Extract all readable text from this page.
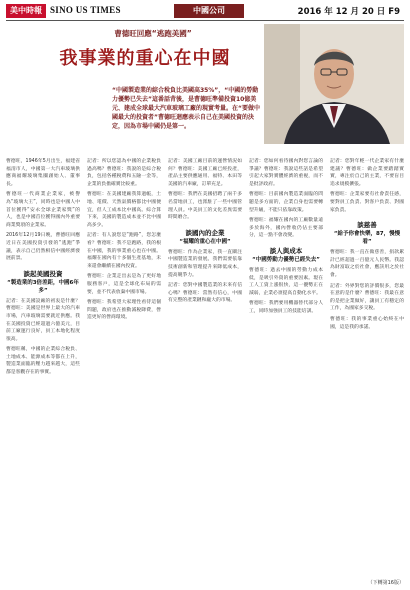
美中時報 SINO US TIMES	中國公司	2016 年 12 月 20 日 F9
曹德旺回應“逃跑美國”
我事業的重心在中國
“中國製造業的綜合稅負比美國高35%”，“中國的勞動力優勢已失去”這番話背後，是曹德旺準備投資10億美元、建成全球最大汽車玻璃工廠的現實考量。在“要做中國最大的投資者”曹德旺迴應表示自己在美國投資的決定，因為市場中國仍是第一。

曹德旺，1946年5月出生，福建省福清市人，中國第一大汽車玻璃供應商福耀玻璃集團創始人、董事長。

曹德旺一代商業企業家，被譽為“玻璃大王”，同時也是中國人中首位獲得“安永全球企業家獎”的人，也是中國首位獲得國內外重要商業獎項的企業家。

2016年12月19日晚，曹德旺回應近日在美國投資引發的“逃跑”爭議，表示自己仍然相信中國經濟發展前景。

談起美國投資
“製造業的3倍差距，中國6年多”

記者：在美國設廠的初衷是什麼？曹德旺：美國是世界上最大的汽車市場，汽車玻璃需要就近供應。我在美國投資已經超過六億美元，目前工廠運行良好，員工本地化程度很高。

曹德旺稱，中國的企業綜合稅負、土地成本、能源成本等都在上升，製造業面臨的壓力越來越大，這些都是客觀存在的事實。

記者：所以您認為中國的企業稅負過高嗎？曹德旺：我說的是綜合稅負，包括各種稅費和五險一金等，企業的負擔確實比較重。

曹德旺：在美國建廠我算過帳，土地、電價、天然氣價格都比中國便宜，但人工成本比中國高。綜合算下來，美國的製造成本並不比中國高多少。

記者：有人說您是“跑路”，您怎麼看？曹德旺：我不是跑路，我的根在中國，我的事業重心也在中國。福耀在國內有十多個生產基地，未來還會繼續在國內投資。

曹德旺：企業走出去是為了更好地服務客戶，這是全球化布局的需要，並不代表放棄中國市場。

曹德旺：我希望大家理性看待這個問題，政府也在推動減稅降費，營造更好的營商環境。

記者：美國工廠目前的運營情況如何？曹德旺：美國工廠已經投產，產品主要供應通用、福特、本田等美國的汽車廠，訂單充足。

曹德旺：我們在美國招聘了兩千多名當地員工，也派駐了一些中國管理人員。中美員工的文化差異需要時間磨合。

談國內的企業
“福耀的重心在中國”

曹德旺：作為企業家，我一直關注中國製造業的發展。我們需要依靠技術創新和管理提升來降低成本，提高競爭力。

記者：您對中國製造業的未來有信心嗎？曹德旺：當然有信心，中國有完整的產業鏈和龐大的市場。

記者：您如何看待國內對您言論的爭議？曹德旺：我說這些話是希望引起大家對實體經濟的重視，而不是批評政府。

曹德旺：目前國內製造業面臨的問題是多方面的，企業自身也需要轉型升級，不能只依靠政策。

曹德旺：福耀在國內的工廠數量遠多於海外，國內營收仍佔主要部分，這一點不會改變。

談人與成本
“中國勞動力優勢已經失去”

曹德旺：過去中國的勞動力成本低，是吸引外資的重要因素。現在工人工資上漲很快，這一優勢正在減弱，企業必須提高自動化水平。

曹德旺：我們要用機器替代部分人工，同時加強員工的技能培訓。

記者：您對年輕一代企業家有什麼建議？曹德旺：做企業要踏踏實實，專注於自己的主業，不要盲目追求規模擴張。

曹德旺：企業家要有社會責任感，要對員工負責、對客戶負責、對國家負責。

談慈善
“給予你會快樂，87，慢慢看”

曹德旺：我一直在做慈善，捐款累計已經超過一百億元人民幣。我認為財富取之於社會，應該用之於社會。

記者：外界對您的評價很多，您最在意的是什麼？曹德旺：我最在意的是把企業做好，讓員工有穩定的工作，為國家多交稅。

曹德旺：我的事業重心始終在中國，這是我的承諾。

（下轉第16版）
